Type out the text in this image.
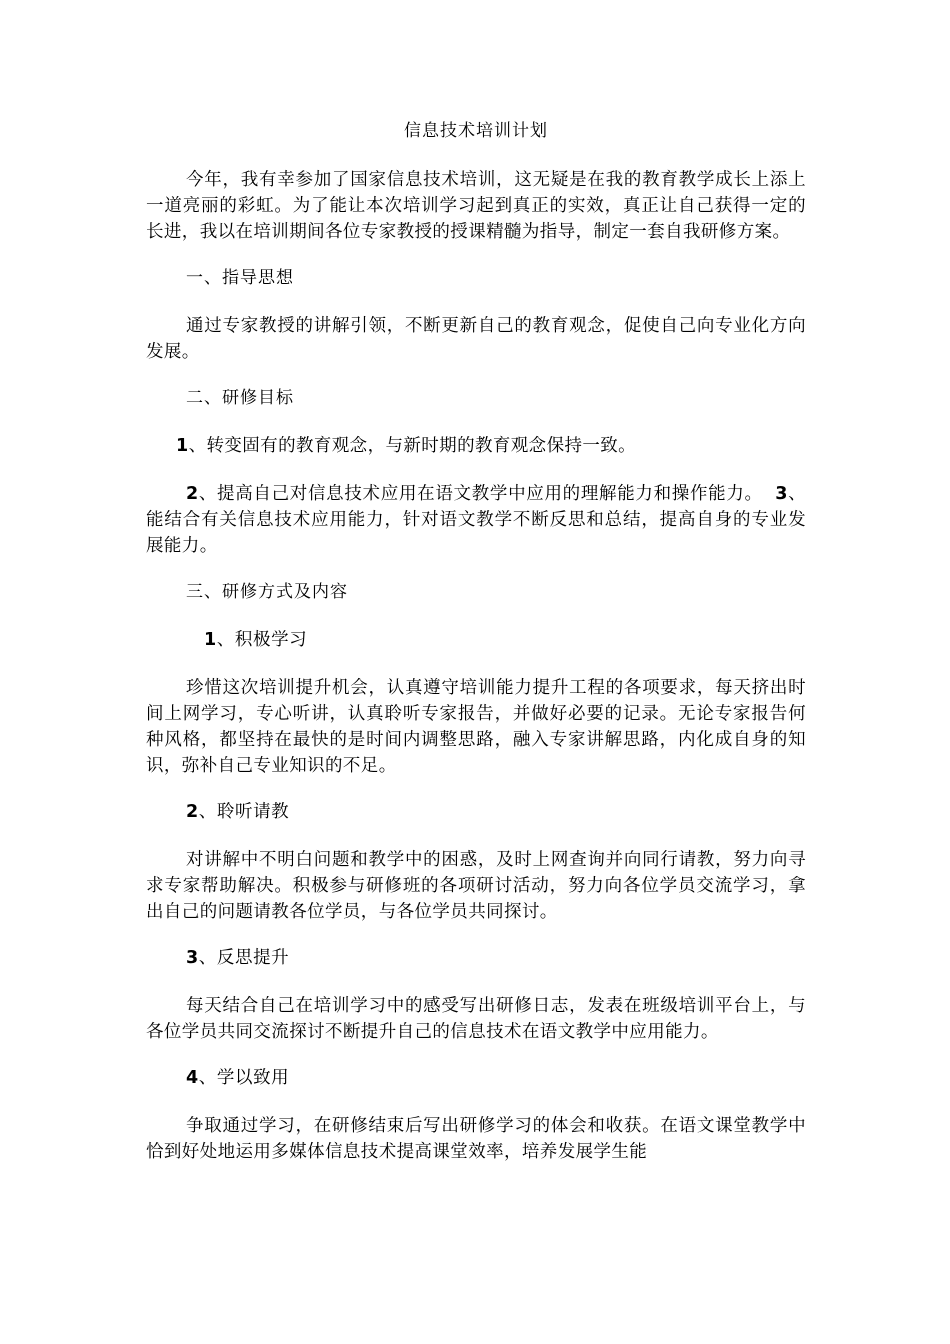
信息技术培训计划
今年，我有幸参加了国家信息技术培训，这无疑是在我的教育教学成长上添上一道亮丽的彩虹。为了能让本次培训学习起到真正的实效，真正让自己获得一定的长进，我以在培训期间各位专家教授的授课精髓为指导，制定一套自我研修方案。
一、指导思想
通过专家教授的讲解引领，不断更新自己的教育观念，促使自己向专业化方向发展。
二、研修目标
1、转变固有的教育观念，与新时期的教育观念保持一致。
2、提高自己对信息技术应用在语文教学中应用的理解能力和操作能力。 3、能结合有关信息技术应用能力，针对语文教学不断反思和总结，提高自身的专业发展能力。
三、研修方式及内容
1、积极学习
珍惜这次培训提升机会，认真遵守培训能力提升工程的各项要求，每天挤出时间上网学习，专心听讲，认真聆听专家报告，并做好必要的记录。无论专家报告何种风格，都坚持在最快的是时间内调整思路，融入专家讲解思路，内化成自身的知识，弥补自己专业知识的不足。
2、聆听请教
对讲解中不明白问题和教学中的困惑，及时上网查询并向同行请教，努力向寻求专家帮助解决。积极参与研修班的各项研讨活动，努力向各位学员交流学习，拿出自己的问题请教各位学员，与各位学员共同探讨。
3、反思提升
每天结合自己在培训学习中的感受写出研修日志，发表在班级培训平台上，与各位学员共同交流探讨不断提升自己的信息技术在语文教学中应用能力。
4、学以致用
争取通过学习，在研修结束后写出研修学习的体会和收获。在语文课堂教学中恰到好处地运用多媒体信息技术提高课堂效率，培养发展学生能
